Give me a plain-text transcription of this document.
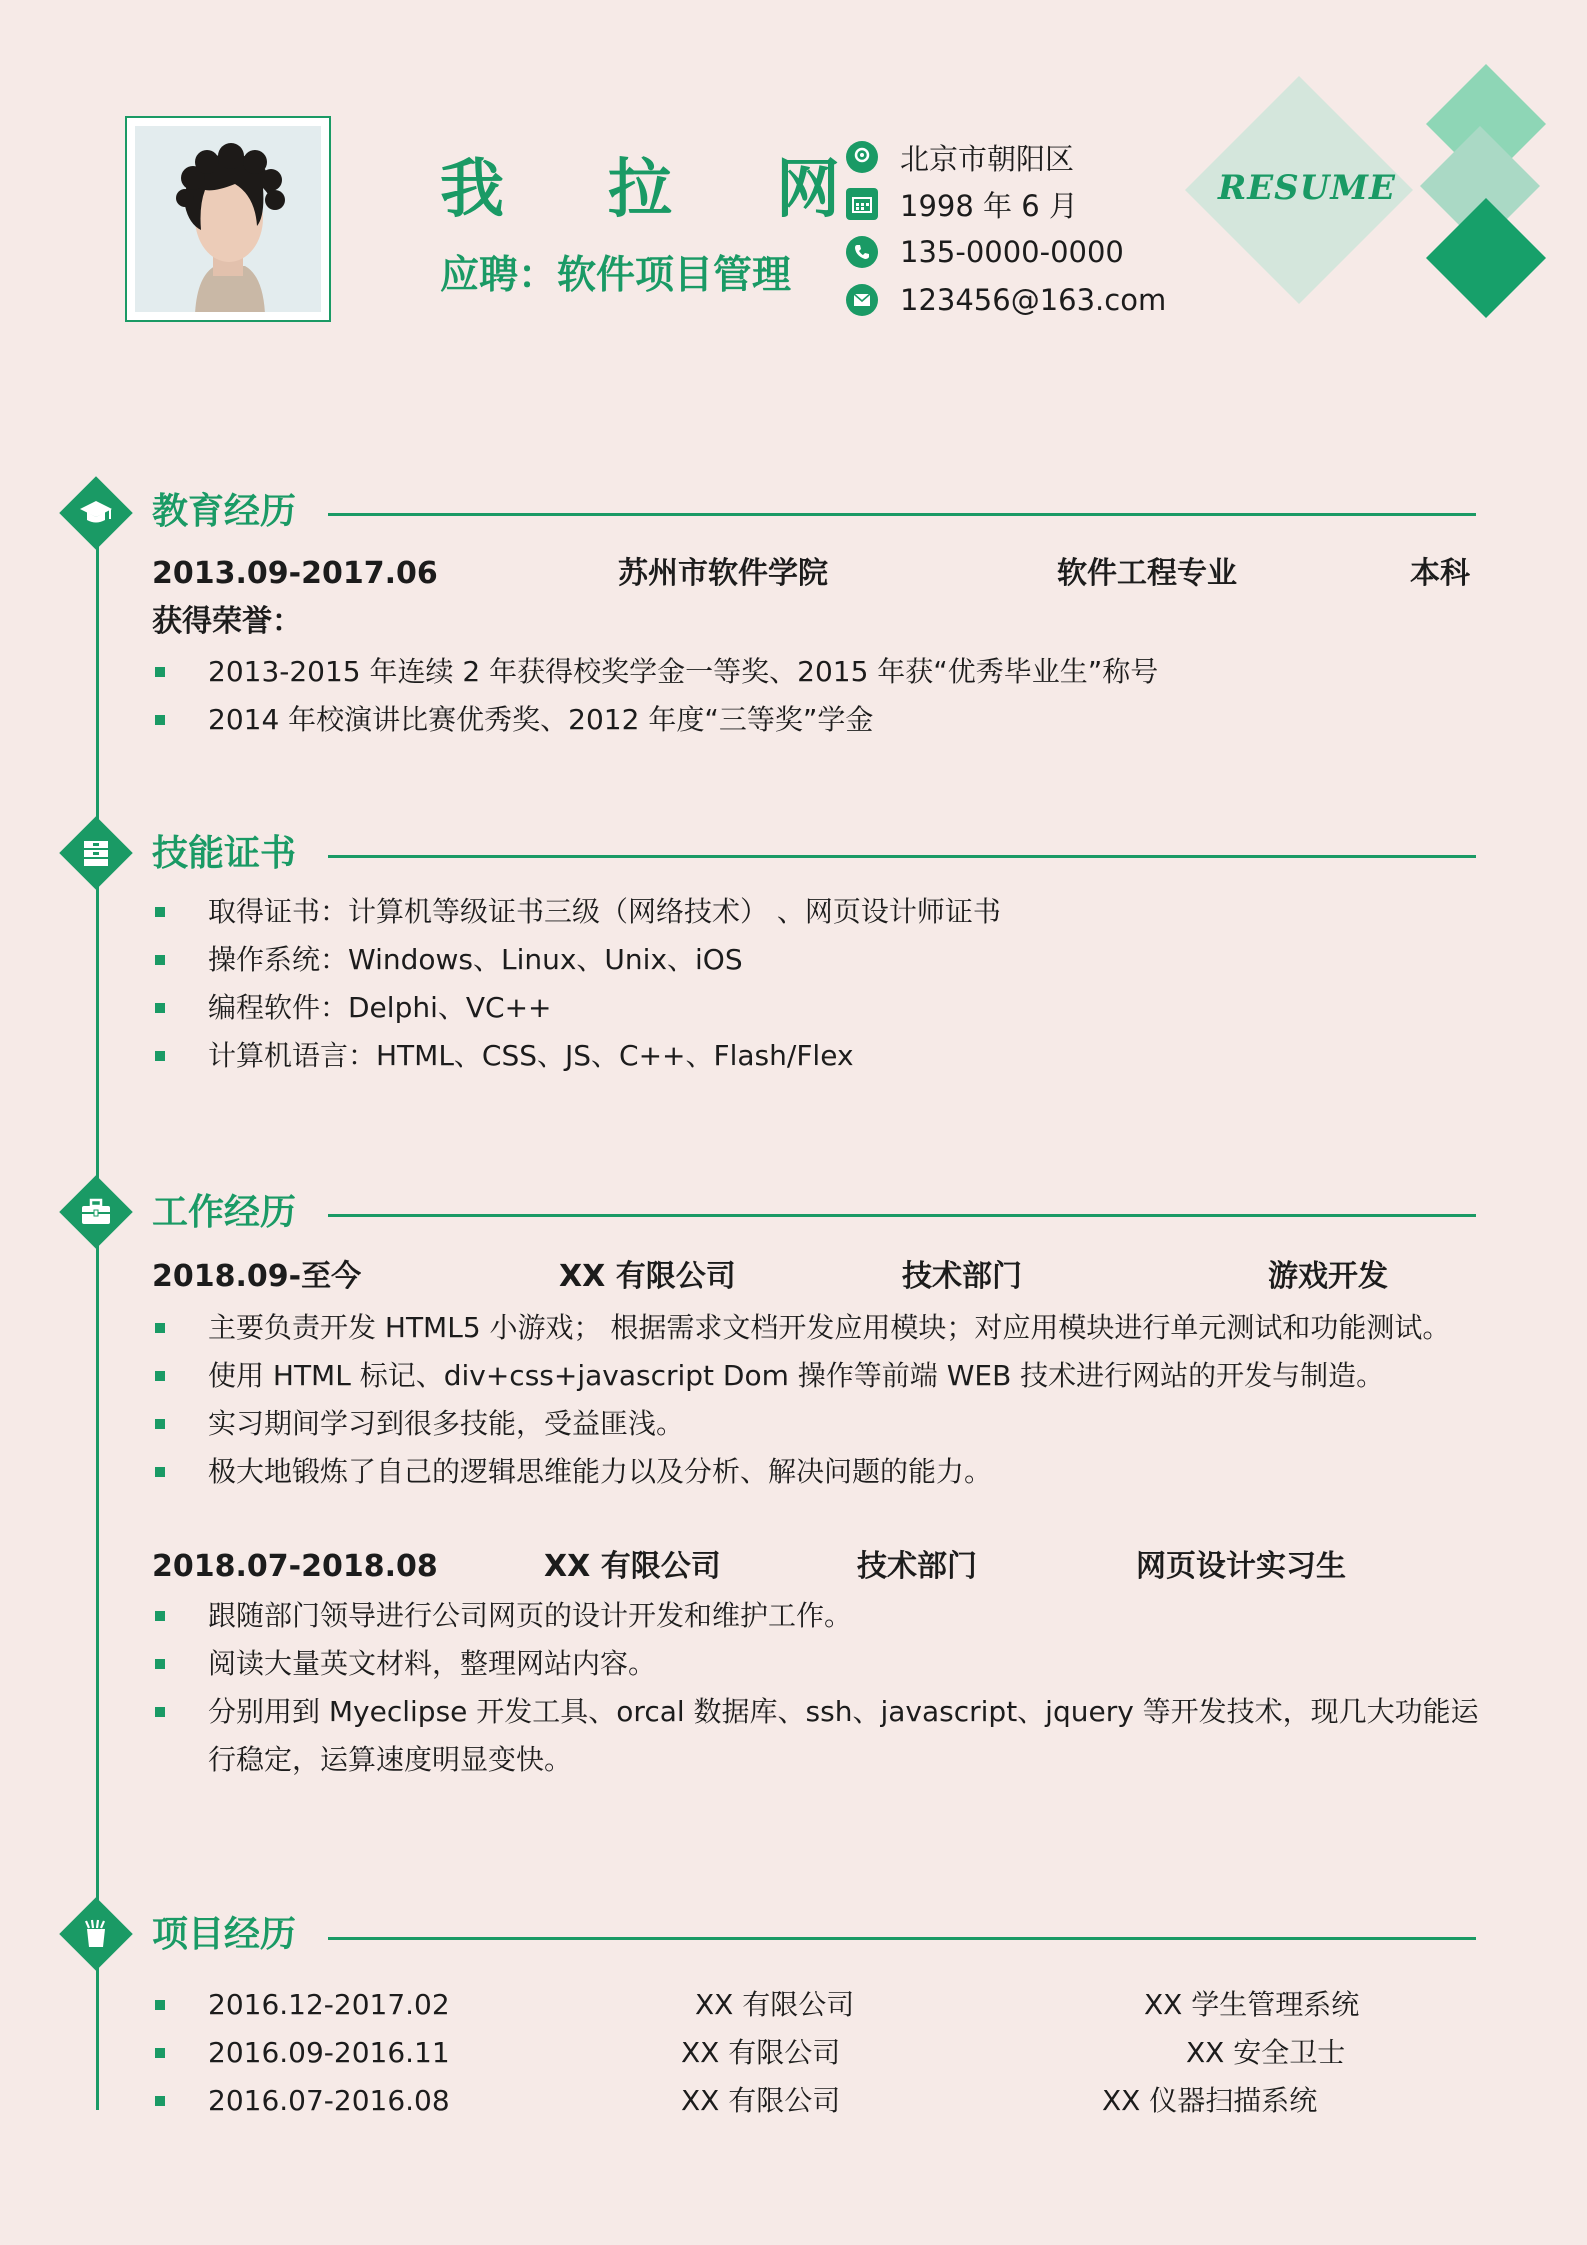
我 拉 网
应聘：软件项目管理
北京市朝阳区
1998 年 6 月
135-0000-0000
123456@163.com
RESUME
教育经历
2013.09-2017.06	苏州市软件学院	软件工程专业	本科
获得荣誉：
2013-2015 年连续 2 年获得校奖学金一等奖、2015 年获“优秀毕业生”称号
2014 年校演讲比赛优秀奖、2012 年度“三等奖”学金
技能证书
取得证书：计算机等级证书三级（网络技术） 、网页设计师证书
操作系统：Windows、Linux、Unix、iOS
编程软件：Delphi、VC++
计算机语言：HTML、CSS、JS、C++、Flash/Flex
工作经历
2018.09-至今	XX 有限公司	技术部门	游戏开发
主要负责开发 HTML5 小游戏； 根据需求文档开发应用模块；对应用模块进行单元测试和功能测试。
使用 HTML 标记、div+css+javascript Dom 操作等前端 WEB 技术进行网站的开发与制造。
实习期间学习到很多技能，受益匪浅。
极大地锻炼了自己的逻辑思维能力以及分析、解决问题的能力。
2018.07-2018.08	XX 有限公司	技术部门	网页设计实习生
跟随部门领导进行公司网页的设计开发和维护工作。
阅读大量英文材料，整理网站内容。
分别用到 Myeclipse 开发工具、orcal 数据库、ssh、javascript、jquery 等开发技术，现几大功能运行稳定，运算速度明显变快。
项目经历
2016.12-2017.02	XX 有限公司	XX 学生管理系统
2016.09-2016.11	XX 有限公司	XX 安全卫士
2016.07-2016.08	XX 有限公司	XX 仪器扫描系统
